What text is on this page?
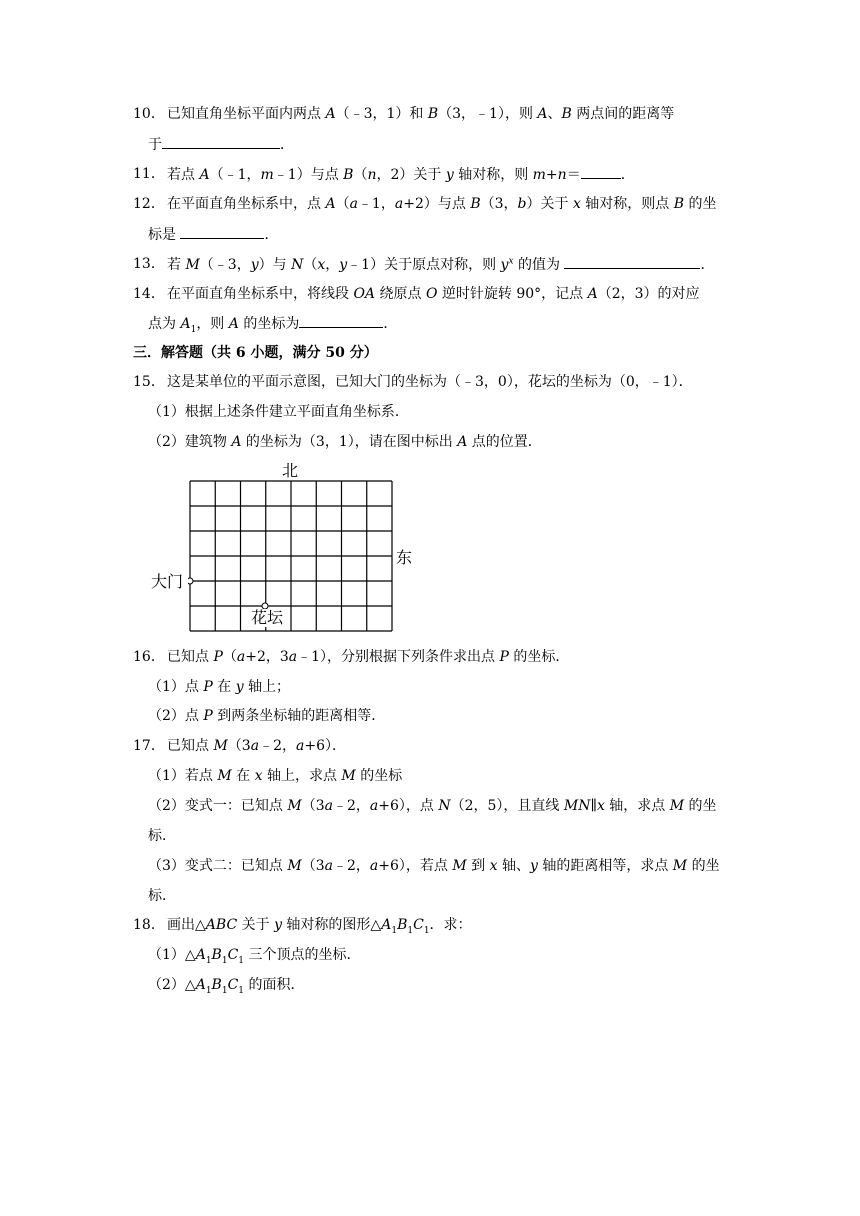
10． 已知直角坐标平面内两点 A（﹣3，1）和 B（3，﹣1），则 A、B 两点间的距离等
于	．
11． 若点 A（﹣1，m﹣1）与点 B（n，2）关于 y 轴对称，则 m+n＝	．
12． 在平面直角坐标系中，点 A（a﹣1，a+2）与点 B（3，b）关于 x 轴对称，则点 B 的坐
标是	．
13． 若 M（﹣3，y）与 N（x，y﹣1）关于原点对称，则 $y^x$ 的值为	．
14． 在平面直角坐标系中，将线段 OA 绕原点 O 逆时针旋转 90°，记点 A（2，3）的对应
点为 $A_1$，则 A 的坐标为	．
三．解答题（共 6 小题，满分 50 分）
15． 这是某单位的平面示意图，已知大门的坐标为（﹣3，0），花坛的坐标为（0，﹣1）．
（1）根据上述条件建立平面直角坐标系．
（2）建筑物 A 的坐标为（3，1），请在图中标出 A 点的位置．
北
东
大门
花坛
16． 已知点 P（a+2，3a﹣1），分别根据下列条件求出点 P 的坐标．
（1）点 P 在 y 轴上；
（2）点 P 到两条坐标轴的距离相等．
17． 已知点 M（3a﹣2，a+6）．
（1）若点 M 在 x 轴上，求点 M 的坐标
（2）变式一：已知点 M（3a﹣2，a+6），点 N（2，5），且直线 MN∥x 轴，求点 M 的坐
标．
（3）变式二：已知点 M（3a﹣2，a+6），若点 M 到 x 轴、y 轴的距离相等，求点 M 的坐
标．
18． 画出△ABC 关于 y 轴对称的图形$\triangle A_1B_1C_1$．求：
$(1)\triangle A_1B_1C_1$ 三个顶点的坐标．
$(2)\triangle A_1B_1C_1$ 的面积．
